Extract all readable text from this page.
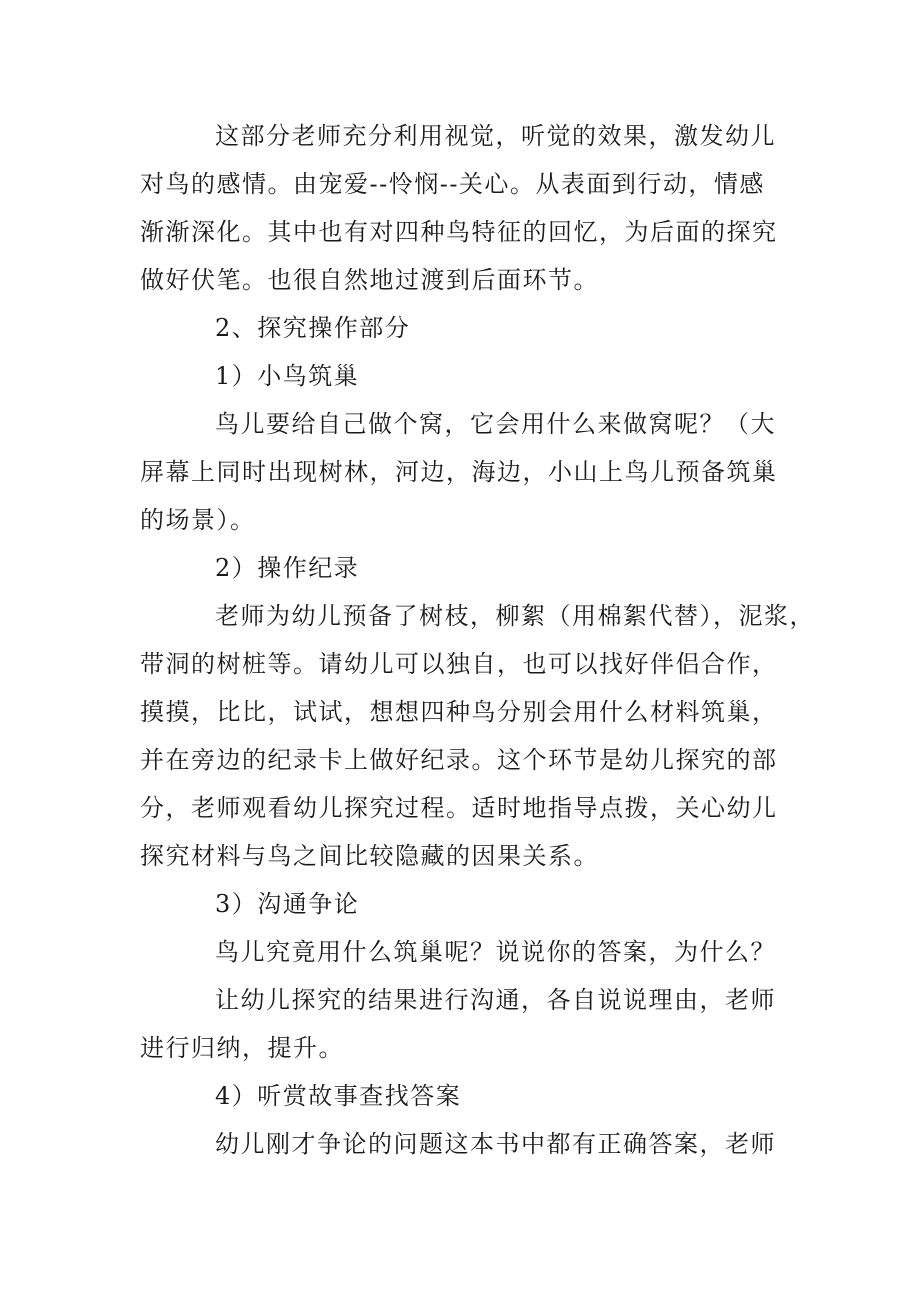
这部分老师充分利用视觉，听觉的效果，激发幼儿
对鸟的感情。由宠爱--怜悯--关心。从表面到行动，情感
渐渐深化。其中也有对四种鸟特征的回忆，为后面的探究
做好伏笔。也很自然地过渡到后面环节。
2、探究操作部分
1）小鸟筑巢
鸟儿要给自己做个窝，它会用什么来做窝呢？（大
屏幕上同时出现树林，河边，海边，小山上鸟儿预备筑巢
的场景）。
2）操作纪录
老师为幼儿预备了树枝，柳絮（用棉絮代替），泥浆，
带洞的树桩等。请幼儿可以独自，也可以找好伴侣合作，
摸摸，比比，试试，想想四种鸟分别会用什么材料筑巢，
并在旁边的纪录卡上做好纪录。这个环节是幼儿探究的部
分，老师观看幼儿探究过程。适时地指导点拨，关心幼儿
探究材料与鸟之间比较隐藏的因果关系。
3）沟通争论
鸟儿究竟用什么筑巢呢？说说你的答案，为什么？
让幼儿探究的结果进行沟通，各自说说理由，老师
进行归纳，提升。
4）听赏故事查找答案
幼儿刚才争论的问题这本书中都有正确答案，老师
